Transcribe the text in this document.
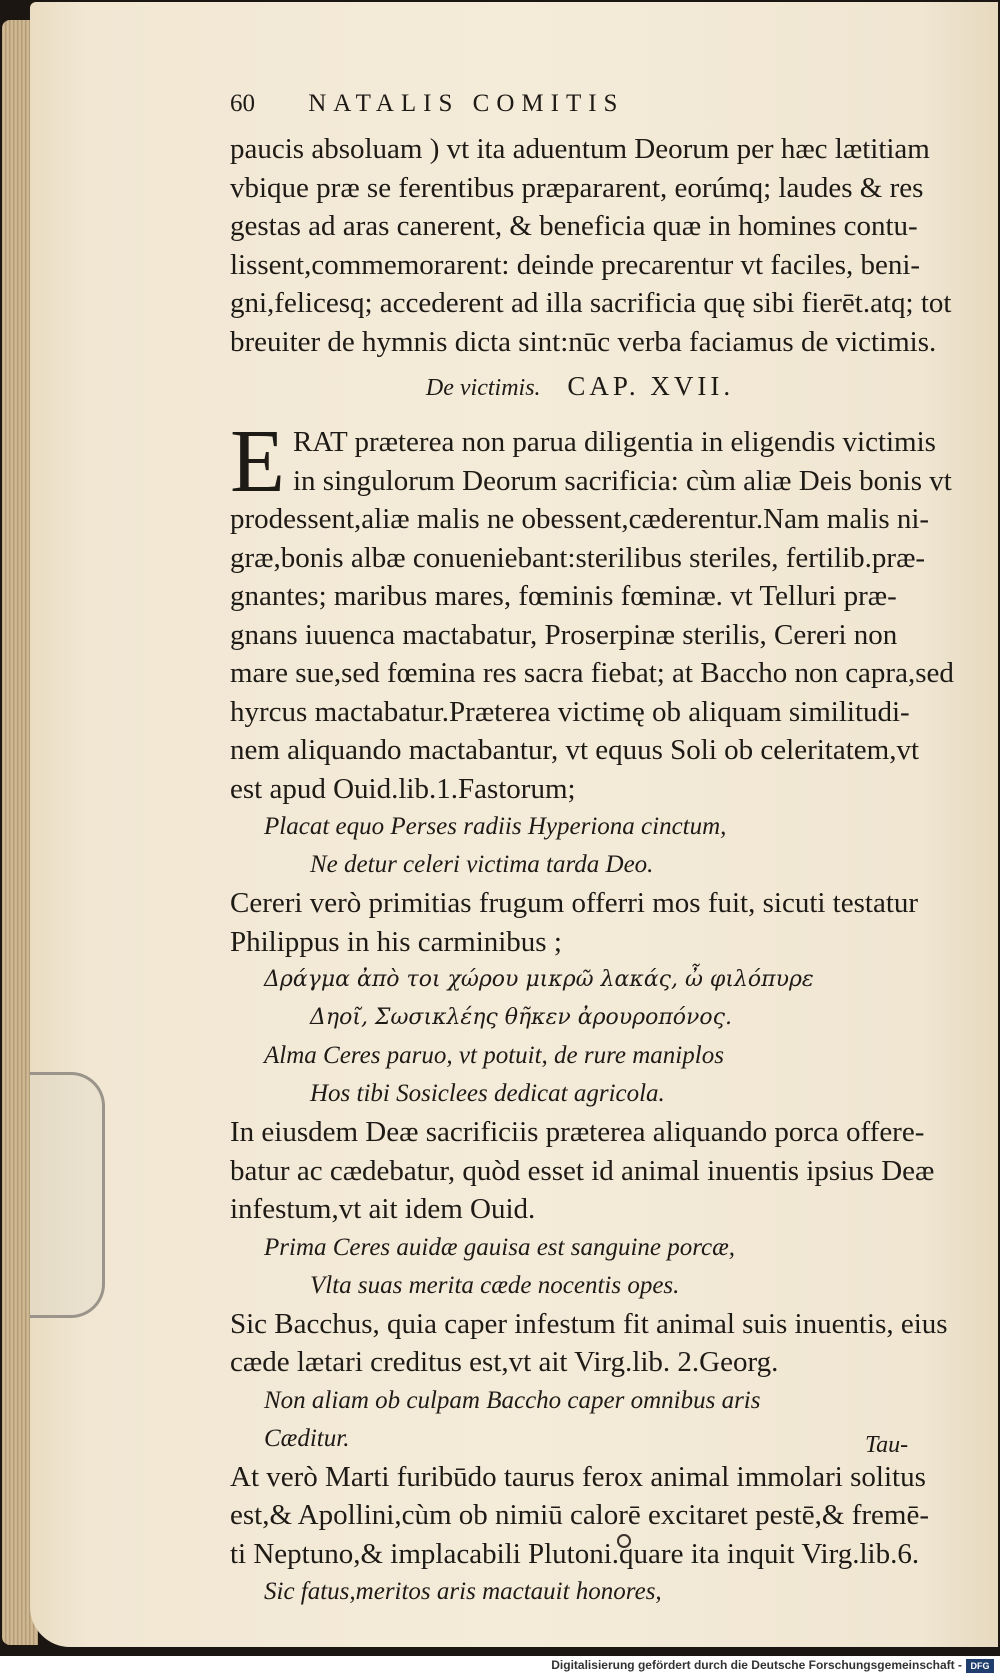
60 NATALIS COMITIS
paucis absoluam ) vt ita aduentum Deorum per hæc lætitiam
vbique præ se ferentibus præpararent, eorúmq; laudes & res
gestas ad aras canerent, & beneficia quæ in homines contu-
lissent,commemorarent: deinde precarentur vt faciles, beni-
gni,felicesq; accederent ad illa sacrificia quę sibi fierēt.atq; tot
breuiter de hymnis dicta sint:nūc verba faciamus de victimis.
De victimis. CAP. XVII.
E RAT præterea non parua diligentia in eligendis victimis
in singulorum Deorum sacrificia: cùm aliæ Deis bonis vt
prodessent,aliæ malis ne obessent,cæderentur.Nam malis ni-
græ,bonis albæ conueniebant:sterilibus steriles, fertilib.præ-
gnantes; maribus mares, fœminis fœminæ. vt Telluri præ-
gnans iuuenca mactabatur, Proserpinæ sterilis, Cereri non
mare sue,sed fœmina res sacra fiebat; at Baccho non capra,sed
hyrcus mactabatur.Præterea victimę ob aliquam similitudi-
nem aliquando mactabantur, vt equus Soli ob celeritatem,vt
est apud Ouid.lib.1.Fastorum;
Placat equo Perses radiis Hyperiona cinctum,
Ne detur celeri victima tarda Deo.
Cereri verò primitias frugum offerri mos fuit, sicuti testatur
Philippus in his carminibus ;
Δράγμα ἀπὸ τοι χώρου μικρῶ λακάς, ὦ φιλόπυρε
Δηοῖ, Σωσικλέης θῆκεν ἀρουροπόνος.
Alma Ceres paruo, vt potuit, de rure maniplos
Hos tibi Sosiclees dedicat agricola.
In eiusdem Deæ sacrificiis præterea aliquando porca offere-
batur ac cædebatur, quòd esset id animal inuentis ipsius Deæ
infestum,vt ait idem Ouid.
Prima Ceres auidæ gauisa est sanguine porcæ,
Vlta suas merita cæde nocentis opes.
Sic Bacchus, quia caper infestum fit animal suis inuentis, eius
cæde lætari creditus est,vt ait Virg.lib. 2.Georg.
Non aliam ob culpam Baccho caper omnibus aris
Cæditur.
At verò Marti furibūdo taurus ferox animal immolari solitus
est,& Apollini,cùm ob nimiū calorē excitaret pestē,& fremē-
ti Neptuno,& implacabili Plutoni.quare ita inquit Virg.lib.6.
Sic fatus,meritos aris mactauit honores,
Tau-
Digitalisierung gefördert durch die Deutsche Forschungsgemeinschaft - DFG
